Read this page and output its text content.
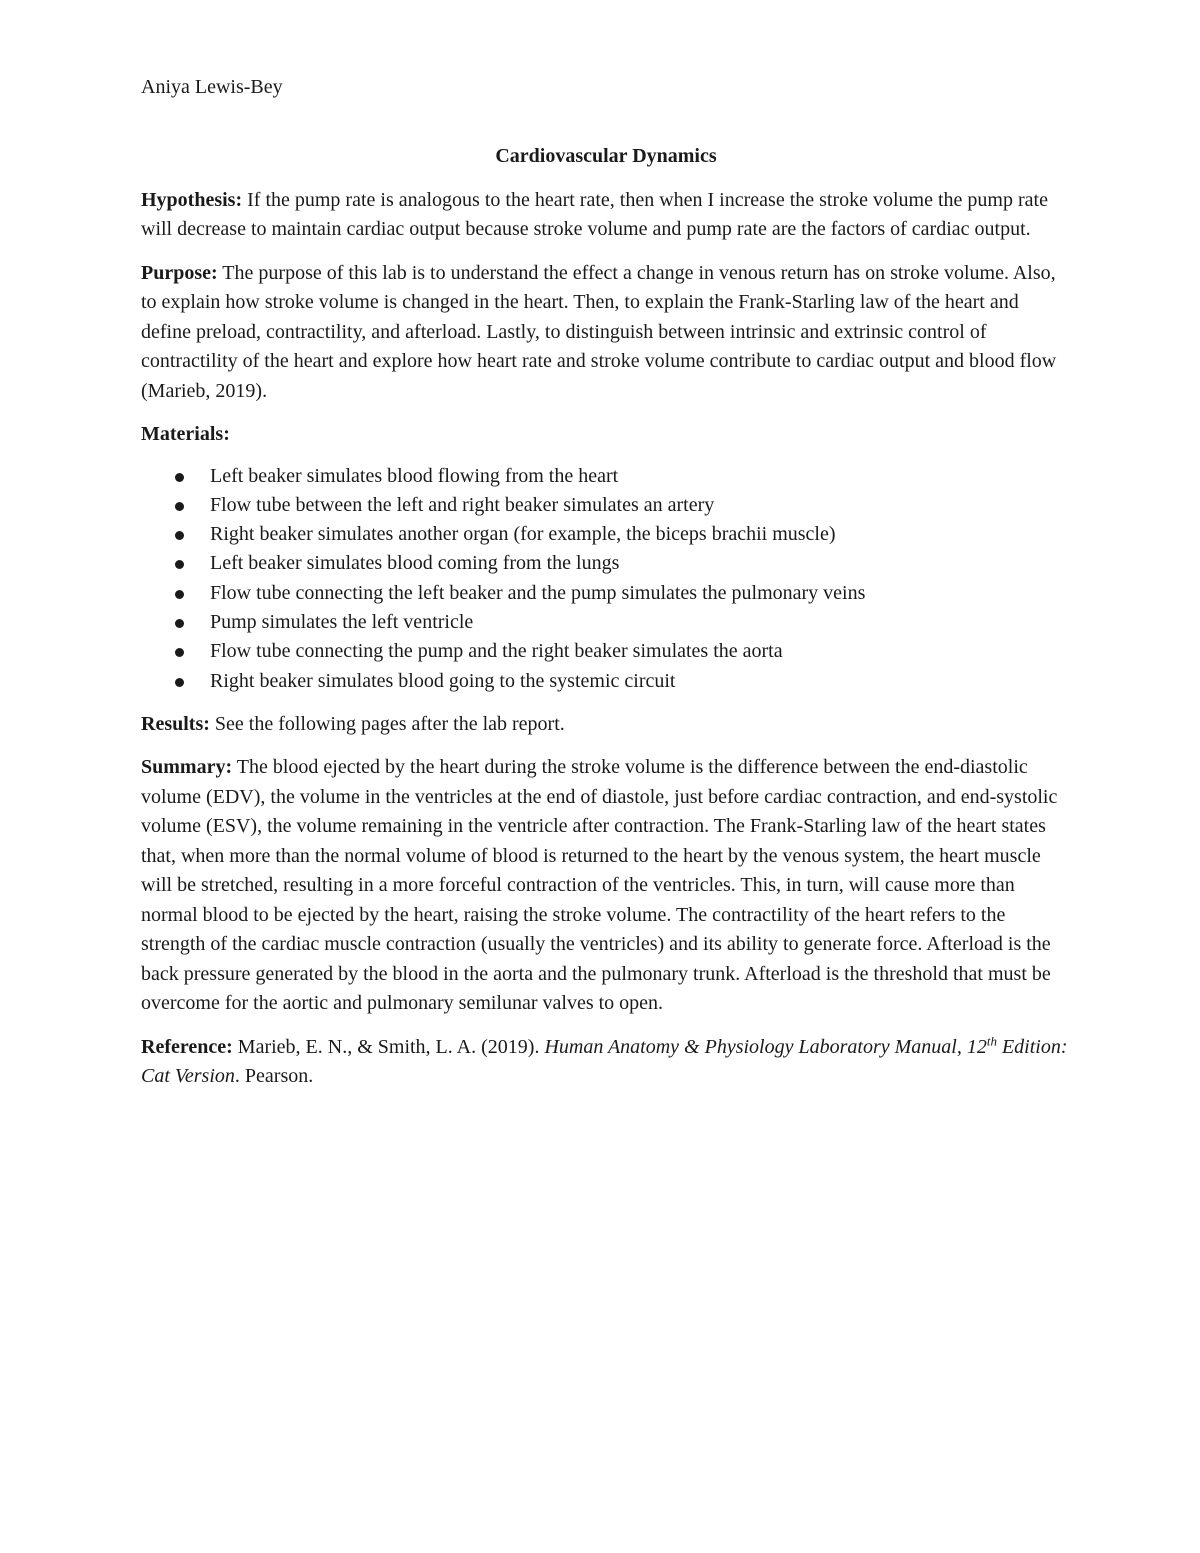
Aniya Lewis-Bey

Cardiovascular Dynamics

Hypothesis: If the pump rate is analogous to the heart rate, then when I increase the stroke volume the pump rate will decrease to maintain cardiac output because stroke volume and pump rate are the factors of cardiac output.

Purpose: The purpose of this lab is to understand the effect a change in venous return has on stroke volume. Also, to explain how stroke volume is changed in the heart. Then, to explain the Frank-Starling law of the heart and define preload, contractility, and afterload. Lastly, to distinguish between intrinsic and extrinsic control of contractility of the heart and explore how heart rate and stroke volume contribute to cardiac output and blood flow (Marieb, 2019).

Materials:

Left beaker simulates blood flowing from the heart
Flow tube between the left and right beaker simulates an artery
Right beaker simulates another organ (for example, the biceps brachii muscle)
Left beaker simulates blood coming from the lungs
Flow tube connecting the left beaker and the pump simulates the pulmonary veins
Pump simulates the left ventricle
Flow tube connecting the pump and the right beaker simulates the aorta
Right beaker simulates blood going to the systemic circuit

Results: See the following pages after the lab report.

Summary: The blood ejected by the heart during the stroke volume is the difference between the end-diastolic volume (EDV), the volume in the ventricles at the end of diastole, just before cardiac contraction, and end-systolic volume (ESV), the volume remaining in the ventricle after contraction. The Frank-Starling law of the heart states that, when more than the normal volume of blood is returned to the heart by the venous system, the heart muscle will be stretched, resulting in a more forceful contraction of the ventricles. This, in turn, will cause more than normal blood to be ejected by the heart, raising the stroke volume. The contractility of the heart refers to the strength of the cardiac muscle contraction (usually the ventricles) and its ability to generate force. Afterload is the back pressure generated by the blood in the aorta and the pulmonary trunk. Afterload is the threshold that must be overcome for the aortic and pulmonary semilunar valves to open.

Reference: Marieb, E. N., & Smith, L. A. (2019). Human Anatomy & Physiology Laboratory Manual, 12th Edition: Cat Version. Pearson.
